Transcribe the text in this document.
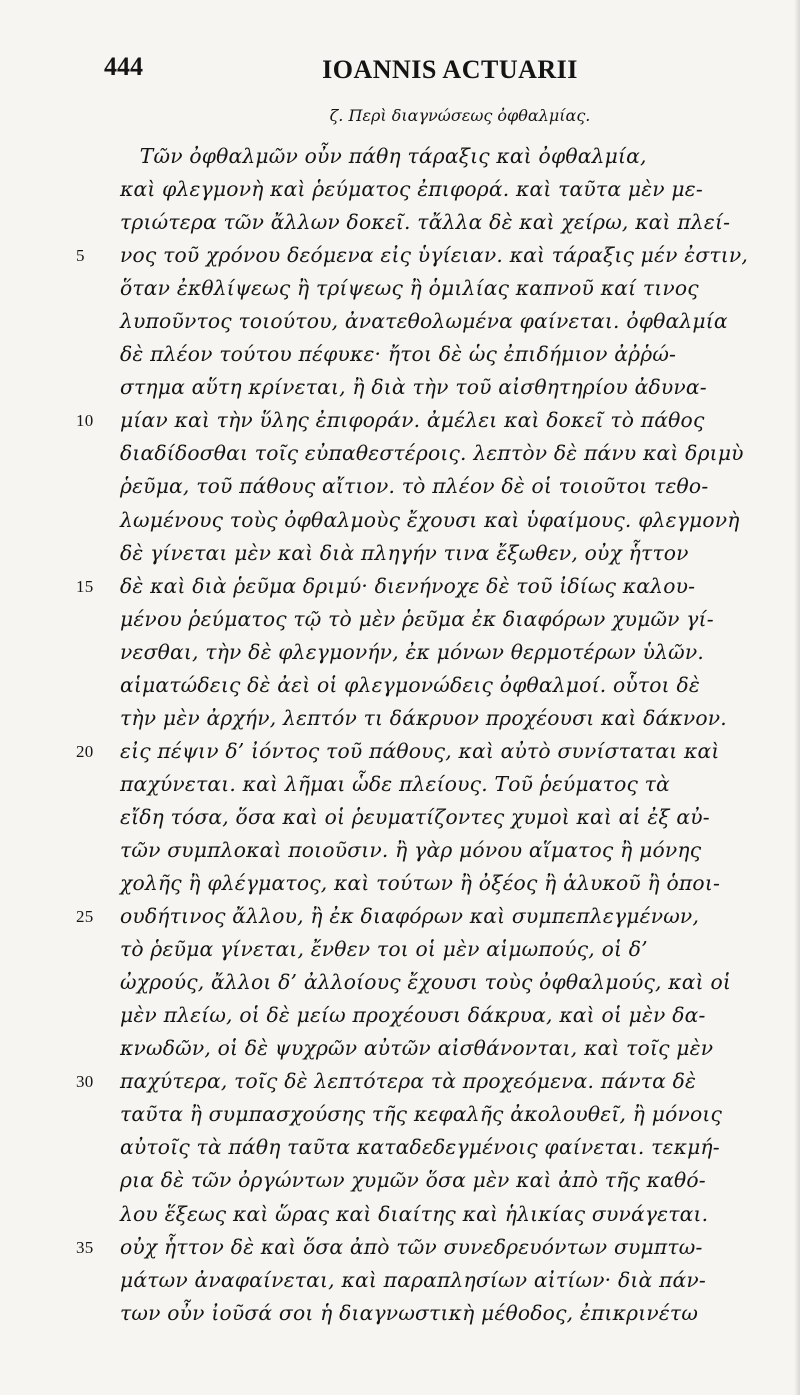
444	IOANNIS ACTUARII
ζ. Περὶ διαγνώσεως ὀφθαλμίας.
Τῶν ὀφθαλμῶν οὖν πάθη τάραξις καὶ ὀφθαλμία,
καὶ φλεγμονὴ καὶ ῥεύματος ἐπιφορά. καὶ ταῦτα μὲν με-
τριώτερα τῶν ἄλλων δοκεῖ. τἄλλα δὲ καὶ χείρω, καὶ πλεί-
5	νος τοῦ χρόνου δεόμενα εἰς ὑγίειαν. καὶ τάραξις μέν ἐστιν,
ὅταν ἐκθλίψεως ἢ τρίψεως ἢ ὁμιλίας καπνοῦ καί τινος
λυποῦντος τοιούτου, ἀνατεθολωμένα φαίνεται. ὀφθαλμία
δὲ πλέον τούτου πέφυκε· ἤτοι δὲ ὡς ἐπιδήμιον ἀῤῥώ-
στημα αὕτη κρίνεται, ἢ διὰ τὴν τοῦ αἰσθητηρίου ἀδυνα-
10	μίαν καὶ τὴν ὕλης ἐπιφοράν. ἀμέλει καὶ δοκεῖ τὸ πάθος
διαδίδοσθαι τοῖς εὐπαθεστέροις. λεπτὸν δὲ πάνυ καὶ δριμὺ
ῥεῦμα, τοῦ πάθους αἴτιον. τὸ πλέον δὲ οἱ τοιοῦτοι τεθο-
λωμένους τοὺς ὀφθαλμοὺς ἔχουσι καὶ ὑφαίμους. φλεγμονὴ
δὲ γίνεται μὲν καὶ διὰ πληγήν τινα ἔξωθεν, οὐχ ἧττον
15	δὲ καὶ διὰ ῥεῦμα δριμύ· διενήνοχε δὲ τοῦ ἰδίως καλου-
μένου ῥεύματος τῷ τὸ μὲν ῥεῦμα ἐκ διαφόρων χυμῶν γί-
νεσθαι, τὴν δὲ φλεγμονήν, ἐκ μόνων θερμοτέρων ὑλῶν.
αἱματώδεις δὲ ἀεὶ οἱ φλεγμονώδεις ὀφθαλμοί. οὗτοι δὲ
τὴν μὲν ἀρχήν, λεπτόν τι δάκρυον προχέουσι καὶ δάκνον.
20	εἰς πέψιν δ’ ἰόντος τοῦ πάθους, καὶ αὐτὸ συνίσταται καὶ
παχύνεται. καὶ λῆμαι ὧδε πλείους. Τοῦ ῥεύματος τὰ
εἴδη τόσα, ὅσα καὶ οἱ ῥευματίζοντες χυμοὶ καὶ αἱ ἐξ αὐ-
τῶν συμπλοκαὶ ποιοῦσιν. ἢ γὰρ μόνου αἵματος ἢ μόνης
χολῆς ἢ φλέγματος, καὶ τούτων ἢ ὀξέος ἢ ἁλυκοῦ ἢ ὁποι-
25	ουδήτινος ἄλλου, ἢ ἐκ διαφόρων καὶ συμπεπλεγμένων,
τὸ ῥεῦμα γίνεται, ἔνθεν τοι οἱ μὲν αἱμωπούς, οἱ δ’
ὠχρούς, ἄλλοι δ’ ἀλλοίους ἔχουσι τοὺς ὀφθαλμούς, καὶ οἱ
μὲν πλείω, οἱ δὲ μείω προχέουσι δάκρυα, καὶ οἱ μὲν δα-
κνωδῶν, οἱ δὲ ψυχρῶν αὐτῶν αἰσθάνονται, καὶ τοῖς μὲν
30	παχύτερα, τοῖς δὲ λεπτότερα τὰ προχεόμενα. πάντα δὲ
ταῦτα ἢ συμπασχούσης τῆς κεφαλῆς ἀκολουθεῖ, ἢ μόνοις
αὐτοῖς τὰ πάθη ταῦτα καταδεδεγμένοις φαίνεται. τεκμή-
ρια δὲ τῶν ὀργώντων χυμῶν ὅσα μὲν καὶ ἀπὸ τῆς καθό-
λου ἕξεως καὶ ὥρας καὶ διαίτης καὶ ἡλικίας συνάγεται.
35	οὐχ ἧττον δὲ καὶ ὅσα ἀπὸ τῶν συνεδρευόντων συμπτω-
μάτων ἀναφαίνεται, καὶ παραπλησίων αἰτίων· διὰ πάν-
των οὖν ἰοῦσά σοι ἡ διαγνωστικὴ μέθοδος, ἐπικρινέτω
